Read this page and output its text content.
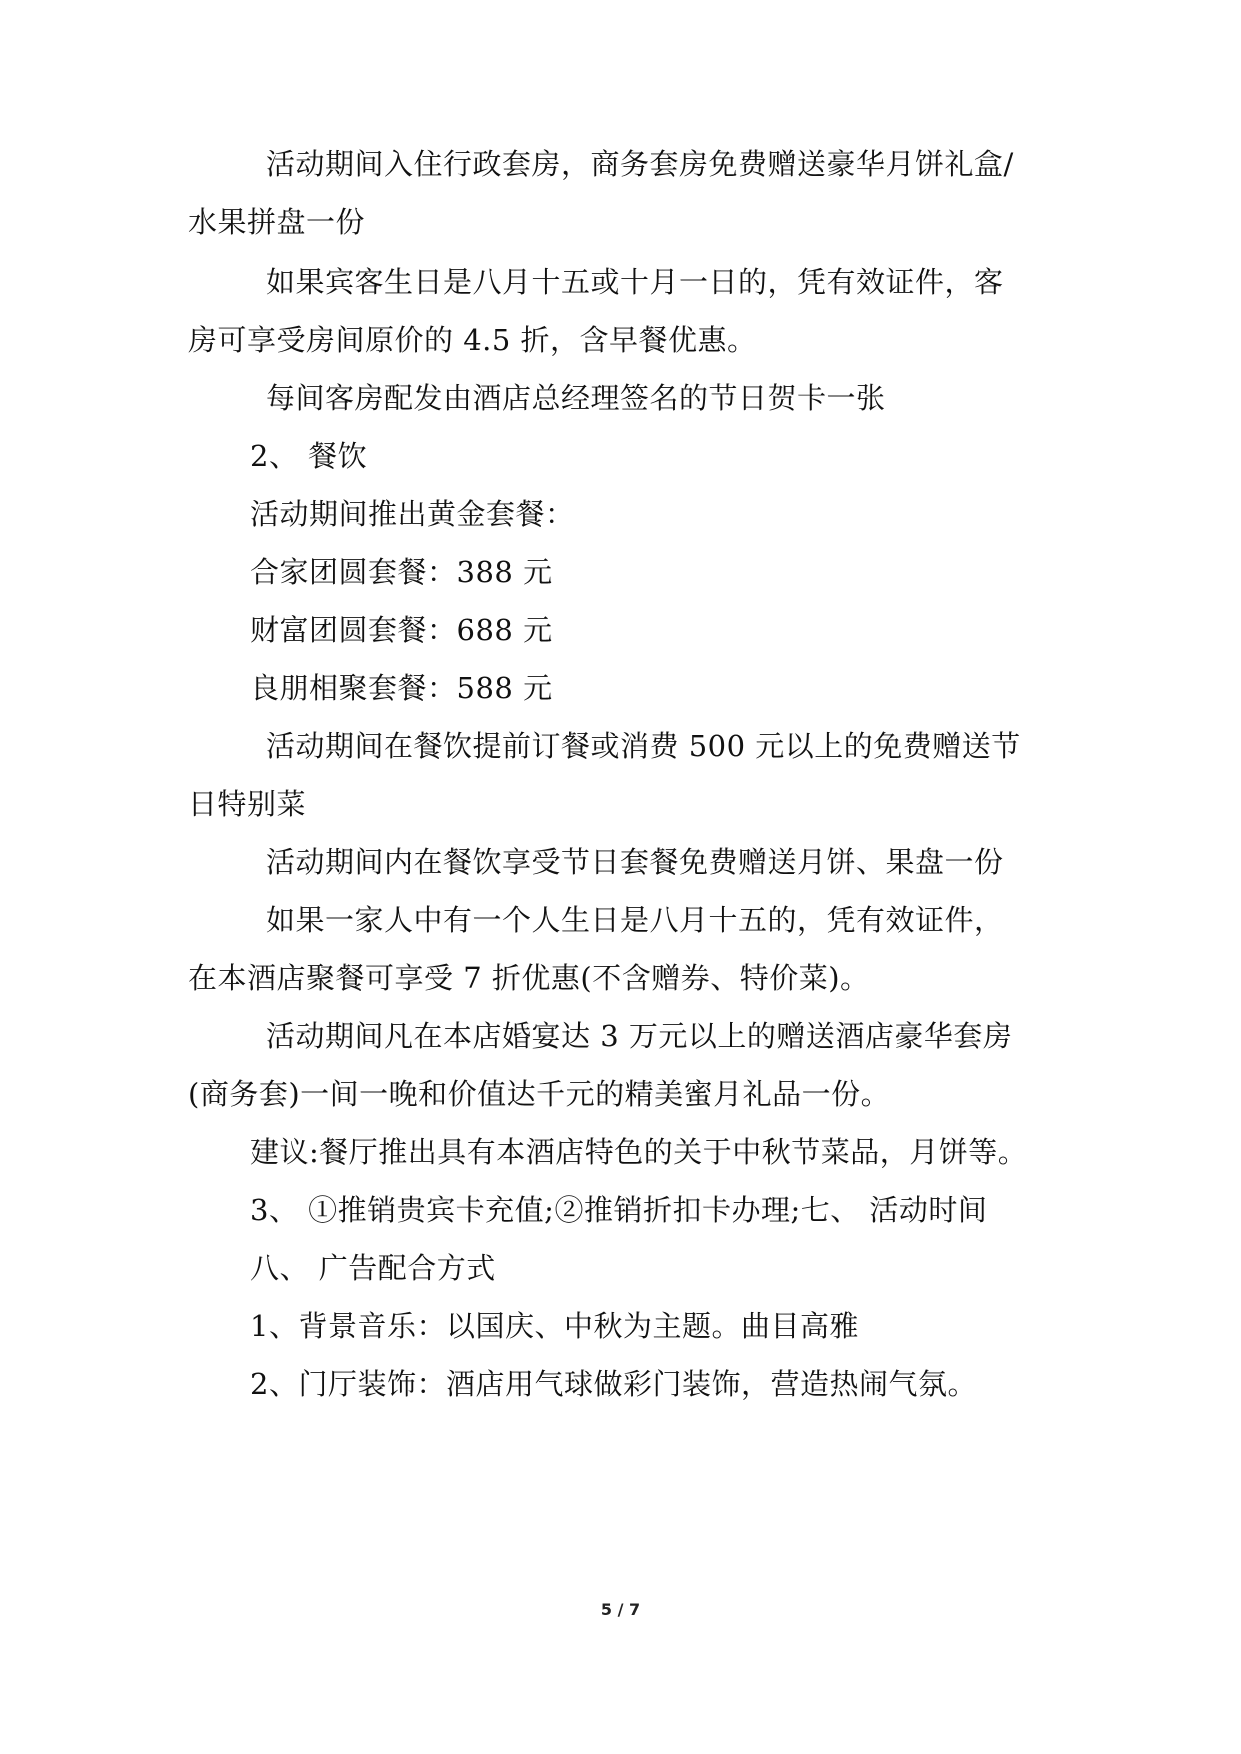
活动期间入住行政套房，商务套房免费赠送豪华月饼礼盒/
水果拼盘一份
如果宾客生日是八月十五或十月一日的，凭有效证件，客
房可享受房间原价的 4.5 折，含早餐优惠。
每间客房配发由酒店总经理签名的节日贺卡一张
2、 餐饮
活动期间推出黄金套餐：
合家团圆套餐：388 元
财富团圆套餐：688 元
良朋相聚套餐：588 元
活动期间在餐饮提前订餐或消费 500 元以上的免费赠送节
日特别菜
活动期间内在餐饮享受节日套餐免费赠送月饼、果盘一份
如果一家人中有一个人生日是八月十五的，凭有效证件，
在本酒店聚餐可享受 7 折优惠(不含赠券、特价菜)。
活动期间凡在本店婚宴达 3 万元以上的赠送酒店豪华套房
(商务套)一间一晚和价值达千元的精美蜜月礼品一份。
建议:餐厅推出具有本酒店特色的关于中秋节菜品，月饼等。
3、 ①推销贵宾卡充值;②推销折扣卡办理;七、 活动时间
八、 广告配合方式
1、背景音乐：以国庆、中秋为主题。曲目高雅
2、门厅装饰：酒店用气球做彩门装饰，营造热闹气氛。
5 / 7
